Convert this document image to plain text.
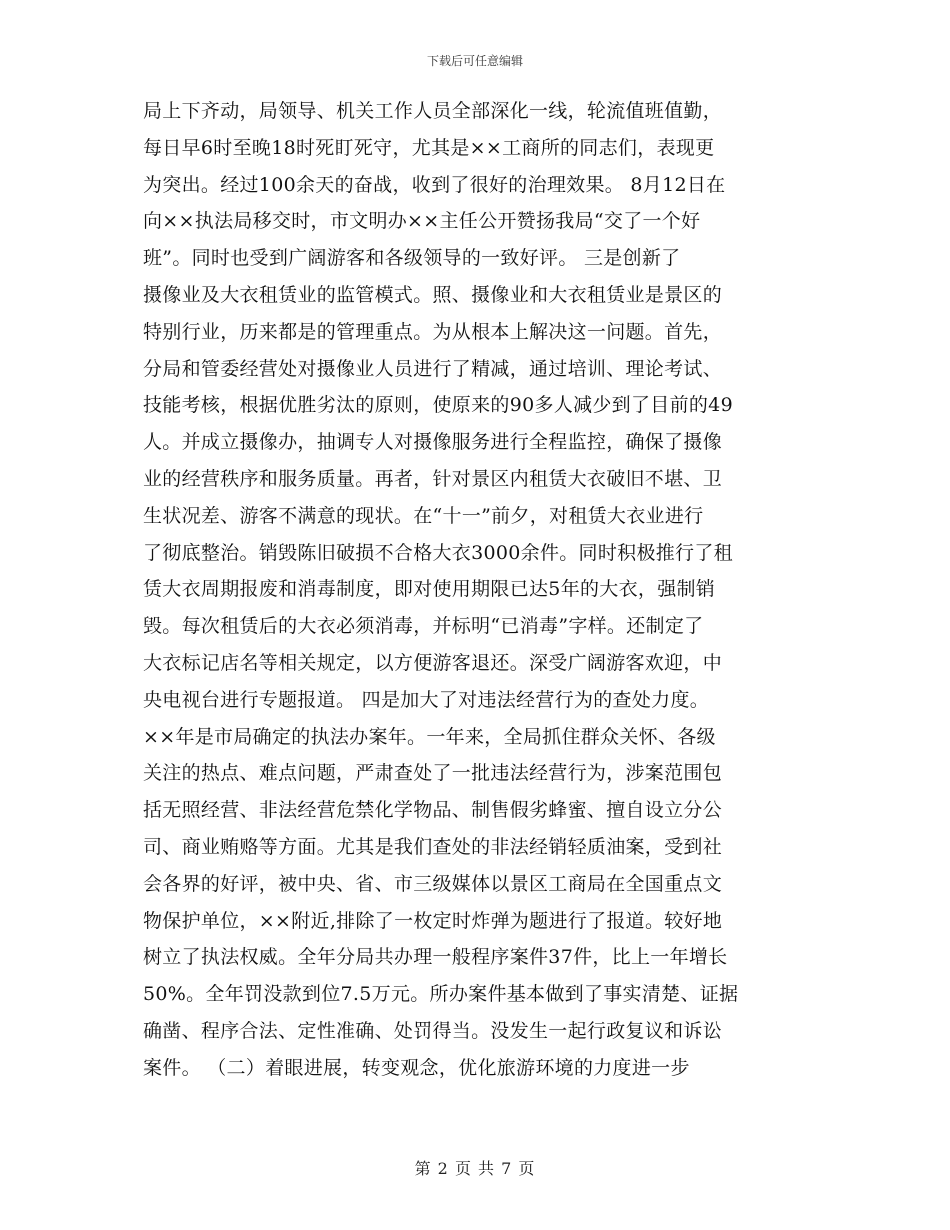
下载后可任意编辑
局上下齐动，局领导、机关工作人员全部深化一线，轮流值班值勤，
每日早6时至晚18时死盯死守，尤其是××工商所的同志们，表现更
为突出。经过100余天的奋战，收到了很好的治理效果。 8月12日在
向××执法局移交时，市文明办××主任公开赞扬我局“交了一个好
班”。同时也受到广阔游客和各级领导的一致好评。 三是创新了
摄像业及大衣租赁业的监管模式。照、摄像业和大衣租赁业是景区的
特别行业，历来都是的管理重点。为从根本上解决这一问题。首先，
分局和管委经营处对摄像业人员进行了精减，通过培训、理论考试、
技能考核，根据优胜劣汰的原则，使原来的90多人减少到了目前的49
人。并成立摄像办，抽调专人对摄像服务进行全程监控，确保了摄像
业的经营秩序和服务质量。再者，针对景区内租赁大衣破旧不堪、卫
生状况差、游客不满意的现状。在“十一”前夕，对租赁大衣业进行
了彻底整治。销毁陈旧破损不合格大衣3000余件。同时积极推行了租
赁大衣周期报废和消毒制度，即对使用期限已达5年的大衣，强制销
毁。每次租赁后的大衣必须消毒，并标明“已消毒”字样。还制定了
大衣标记店名等相关规定，以方便游客退还。深受广阔游客欢迎，中
央电视台进行专题报道。 四是加大了对违法经营行为的查处力度。
××年是市局确定的执法办案年。一年来，全局抓住群众关怀、各级
关注的热点、难点问题，严肃查处了一批违法经营行为，涉案范围包
括无照经营、非法经营危禁化学物品、制售假劣蜂蜜、擅自设立分公
司、商业贿赂等方面。尤其是我们查处的非法经销轻质油案，受到社
会各界的好评，被中央、省、市三级媒体以景区工商局在全国重点文
物保护单位，××附近,排除了一枚定时炸弹为题进行了报道。较好地
树立了执法权威。全年分局共办理一般程序案件37件，比上一年增长
50%。全年罚没款到位7.5万元。所办案件基本做到了事实清楚、证据
确凿、程序合法、定性准确、处罚得当。没发生一起行政复议和诉讼
案件。 （二）着眼进展，转变观念，优化旅游环境的力度进一步
第 2 页 共 7 页
